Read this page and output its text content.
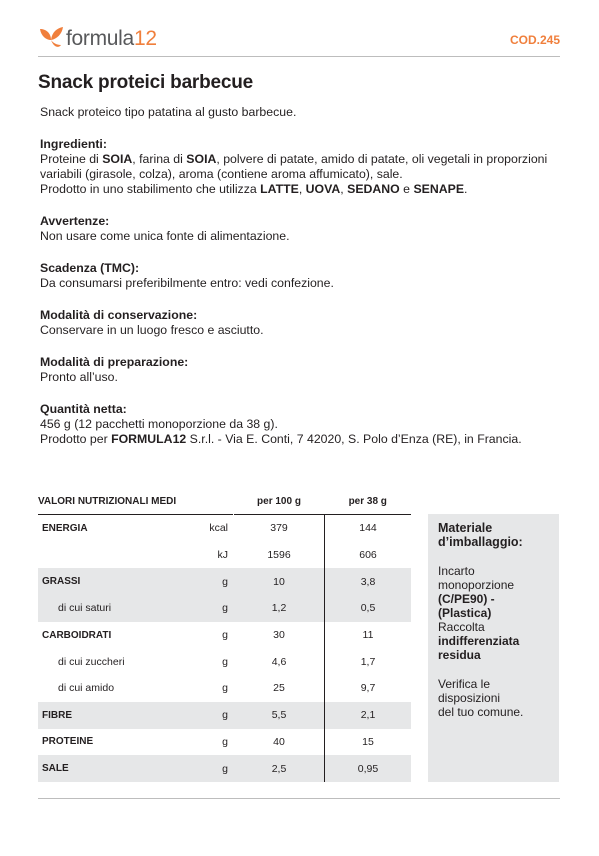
formula12	COD.245
Snack proteici barbecue

Snack proteico tipo patatina al gusto barbecue.

Ingredienti:

Proteine di SOIA, farina di SOIA, polvere di patate, amido di patate, oli vegetali in proporzioni variabili (girasole, colza), aroma (contiene aroma affumicato), sale.

Prodotto in uno stabilimento che utilizza LATTE, UOVA, SEDANO e SENAPE.

Avvertenze:

Non usare come unica fonte di alimentazione.

Scadenza (TMC):

Da consumarsi preferibilmente entro: vedi confezione.

Modalità di conservazione:

Conservare in un luogo fresco e asciutto.

Modalità di preparazione:

Pronto all’uso.

Quantità netta:

456 g (12 pacchetti monoporzione da 38 g).

Prodotto per FORMULA12 S.r.l. - Via E. Conti, 7 42020, S. Polo d’Enza (RE), in Francia.

VALORI NUTRIZIONALI MEDI		per 100 g	per 38 g
ENERGIA	kcal	379	144
	kJ	1596	606
GRASSI	g	10	3,8
di cui saturi	g	1,2	0,5
CARBOIDRATI	g	30	11
di cui zuccheri	g	4,6	1,7
di cui amido	g	25	9,7
FIBRE	g	5,5	2,1
PROTEINE	g	40	15
SALE	g	2,5	0,95
Materiale
d’imballaggio:
Incarto
monoporzione
(C/PE90) - (Plastica)
Raccolta
indifferenziata
residua
Verifica le
disposizioni
del tuo comune.
